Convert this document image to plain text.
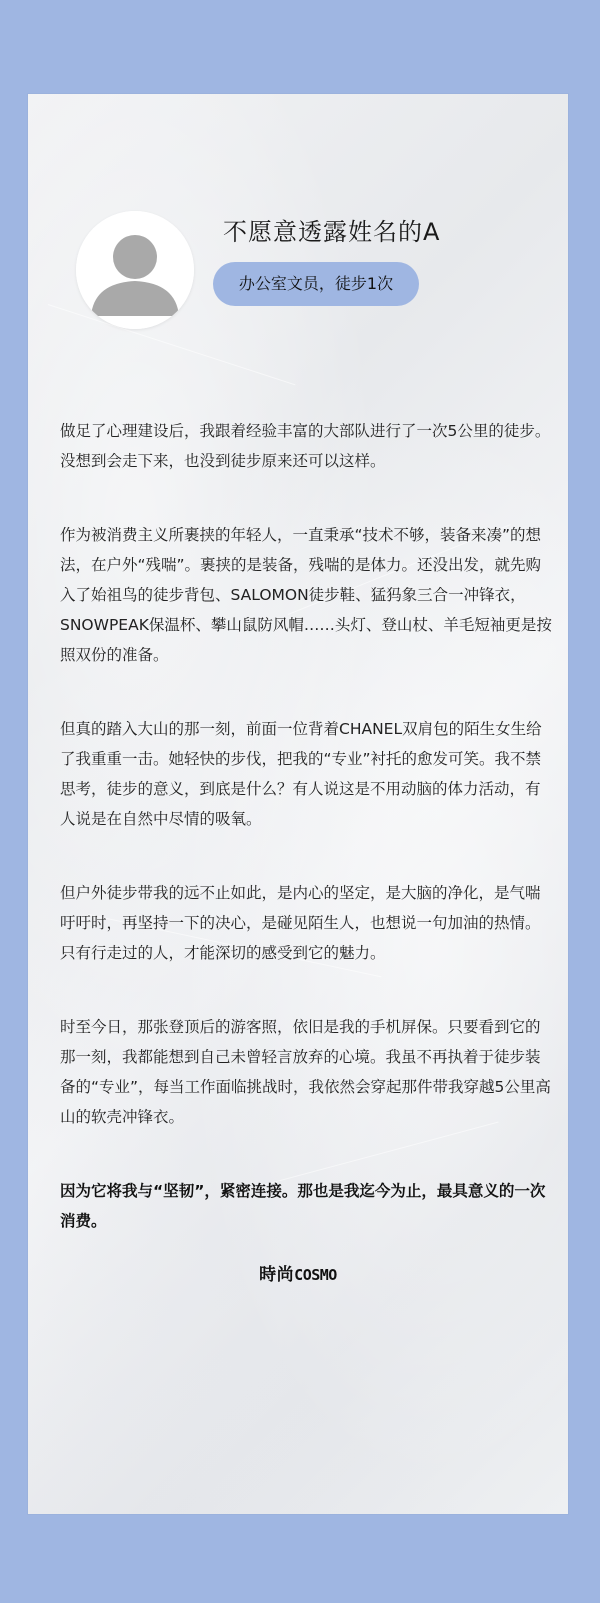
不愿意透露姓名的A
办公室文员，徒步1次

做足了心理建设后，我跟着经验丰富的大部队进行了一次5公里的徒步。没想到会走下来，也没到徒步原来还可以这样。

作为被消费主义所裹挟的年轻人，一直秉承“技术不够，装备来凑”的想法，在户外“残喘”。裹挟的是装备，残喘的是体力。还没出发，就先购入了始祖鸟的徒步背包、SALOMON徒步鞋、猛犸象三合一冲锋衣，SNOWPEAK保温杯、攀山鼠防风帽……头灯、登山杖、羊毛短袖更是按照双份的准备。

但真的踏入大山的那一刻，前面一位背着CHANEL双肩包的陌生女生给了我重重一击。她轻快的步伐，把我的“专业”衬托的愈发可笑。我不禁思考，徒步的意义，到底是什么？有人说这是不用动脑的体力活动，有人说是在自然中尽情的吸氧。

但户外徒步带我的远不止如此，是内心的坚定，是大脑的净化，是气喘吁吁时，再坚持一下的决心，是碰见陌生人，也想说一句加油的热情。只有行走过的人，才能深切的感受到它的魅力。

时至今日，那张登顶后的游客照，依旧是我的手机屏保。只要看到它的那一刻，我都能想到自己未曾轻言放弃的心境。我虽不再执着于徒步装备的“专业”，每当工作面临挑战时，我依然会穿起那件带我穿越5公里高山的软壳冲锋衣。

因为它将我与“坚韧”，紧密连接。那也是我迄今为止，最具意义的一次消费。

時尚COSMO
